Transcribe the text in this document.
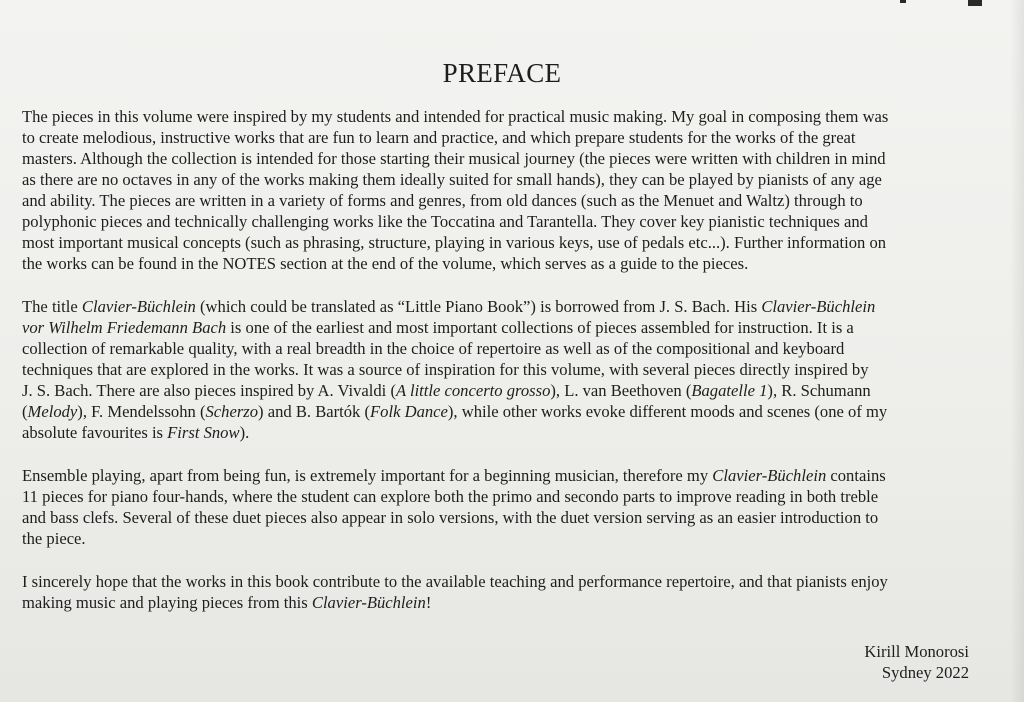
PREFACE

The pieces in this volume were inspired by my students and intended for practical music making. My goal in composing them was
to create melodious, instructive works that are fun to learn and practice, and which prepare students for the works of the great
masters. Although the collection is intended for those starting their musical journey (the pieces were written with children in mind
as there are no octaves in any of the works making them ideally suited for small hands), they can be played by pianists of any age
and ability. The pieces are written in a variety of forms and genres, from old dances (such as the Menuet and Waltz) through to
polyphonic pieces and technically challenging works like the Toccatina and Tarantella. They cover key pianistic techniques and
most important musical concepts (such as phrasing, structure, playing in various keys, use of pedals etc...). Further information on
the works can be found in the NOTES section at the end of the volume, which serves as a guide to the pieces.

The title Clavier-Büchlein (which could be translated as “Little Piano Book”) is borrowed from J. S. Bach. His Clavier-Büchlein
vor Wilhelm Friedemann Bach is one of the earliest and most important collections of pieces assembled for instruction. It is a
collection of remarkable quality, with a real breadth in the choice of repertoire as well as of the compositional and keyboard
techniques that are explored in the works. It was a source of inspiration for this volume, with several pieces directly inspired by
J. S. Bach. There are also pieces inspired by A. Vivaldi (A little concerto grosso), L. van Beethoven (Bagatelle 1), R. Schumann
(Melody), F. Mendelssohn (Scherzo) and B. Bartók (Folk Dance), while other works evoke different moods and scenes (one of my
absolute favourites is First Snow).

Ensemble playing, apart from being fun, is extremely important for a beginning musician, therefore my Clavier-Büchlein contains
11 pieces for piano four-hands, where the student can explore both the primo and secondo parts to improve reading in both treble
and bass clefs. Several of these duet pieces also appear in solo versions, with the duet version serving as an easier introduction to
the piece.

I sincerely hope that the works in this book contribute to the available teaching and performance repertoire, and that pianists enjoy
making music and playing pieces from this Clavier-Büchlein!

Kirill Monorosi
Sydney 2022
